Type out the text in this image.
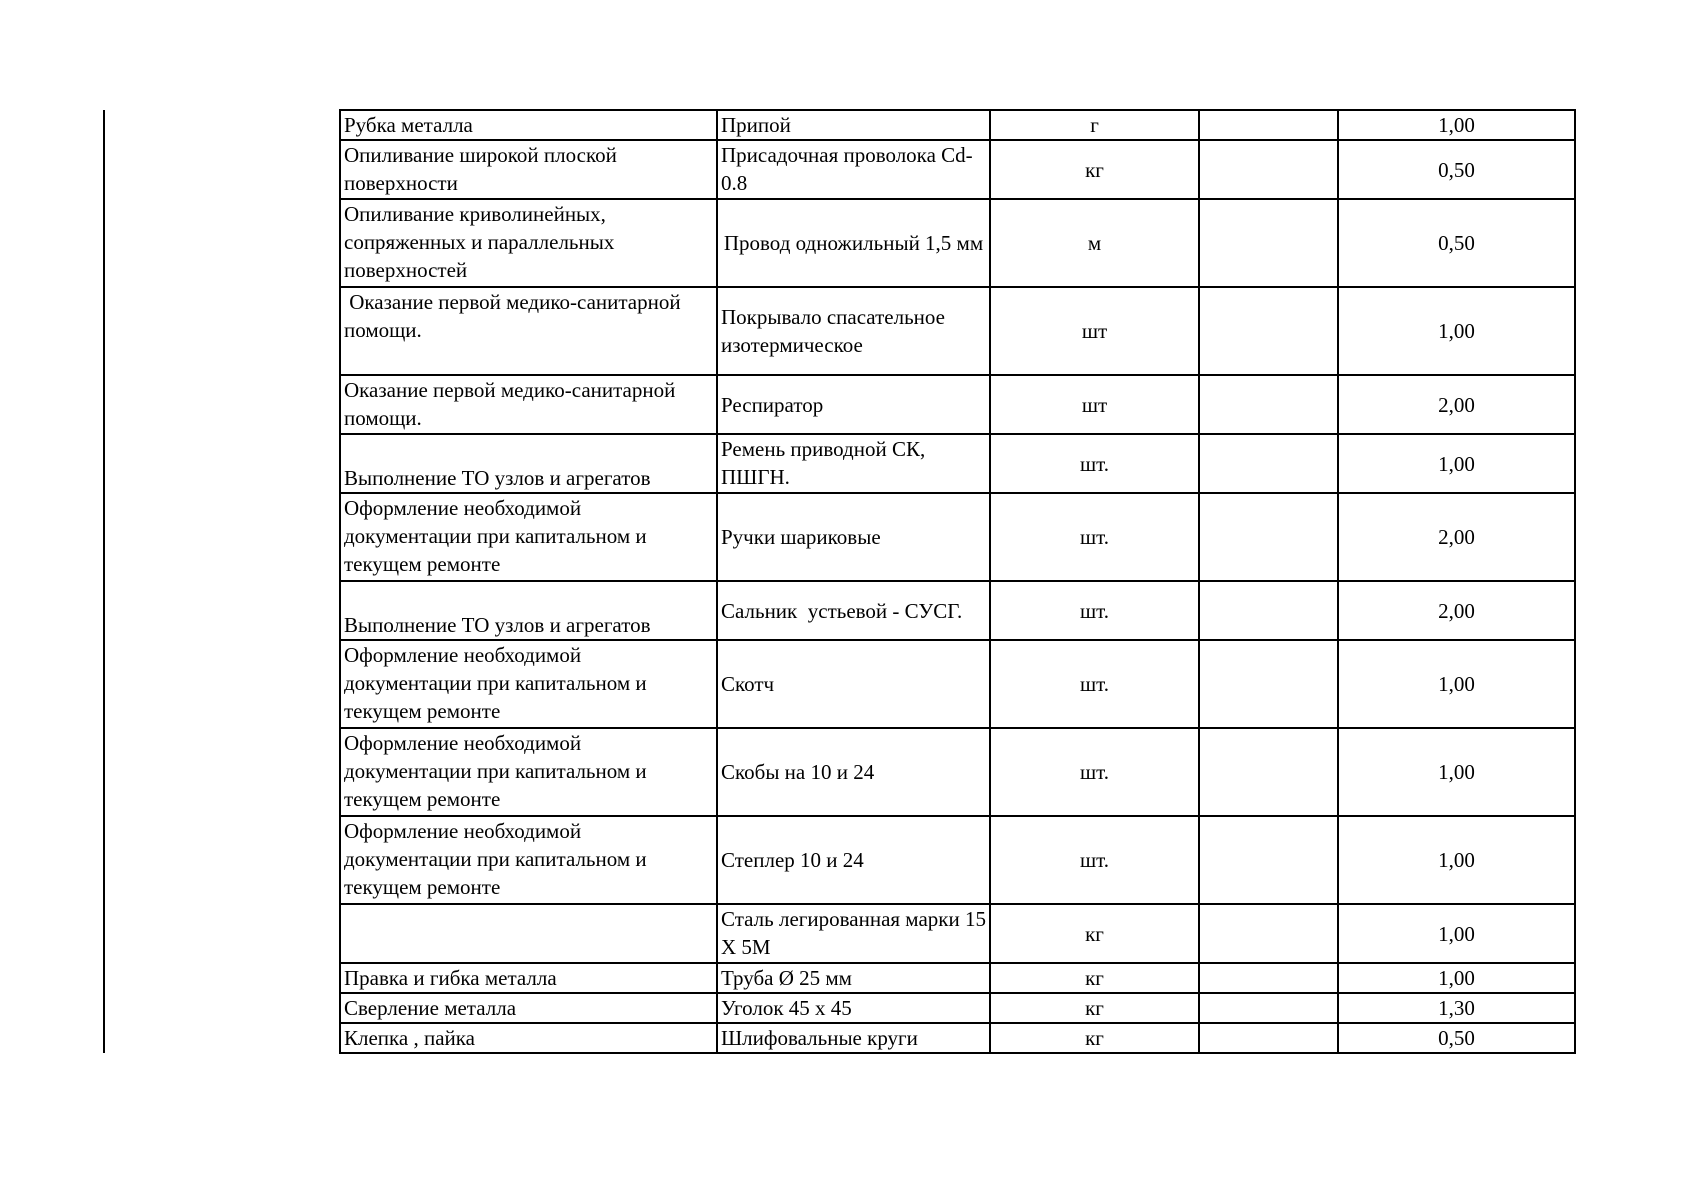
Рубка металла	Припой	г		1,00
Опиливание широкой плоской поверхности	Присадочная проволока Cd-0.8	кг		0,50
Опиливание криволинейных, сопряженных и параллельных поверхностей	Провод одножильный 1,5 мм	м		0,50
Оказание первой медико-санитарной помощи.	Покрывало спасательное изотермическое	шт		1,00
Оказание первой медико-санитарной помощи.	Респиратор	шт		2,00
Выполнение ТО узлов и агрегатов	Ремень приводной СК, ПШГН.	шт.		1,00
Оформление необходимой документации при капитальном и текущем ремонте	Ручки шариковые	шт.		2,00
Выполнение ТО узлов и агрегатов	Сальник  устьевой - СУСГ.	шт.		2,00
Оформление необходимой документации при капитальном и текущем ремонте	Скотч	шт.		1,00
Оформление необходимой документации при капитальном и текущем ремонте	Скобы на 10 и 24	шт.		1,00
Оформление необходимой документации при капитальном и текущем ремонте	Степлер 10 и 24	шт.		1,00
	Сталь легированная марки 15 Х 5М	кг		1,00
Правка и гибка металла	Труба Ø 25 мм	кг		1,00
Сверление металла	Уголок 45 х 45	кг		1,30
Клепка , пайка	Шлифовальные круги	кг		0,50
